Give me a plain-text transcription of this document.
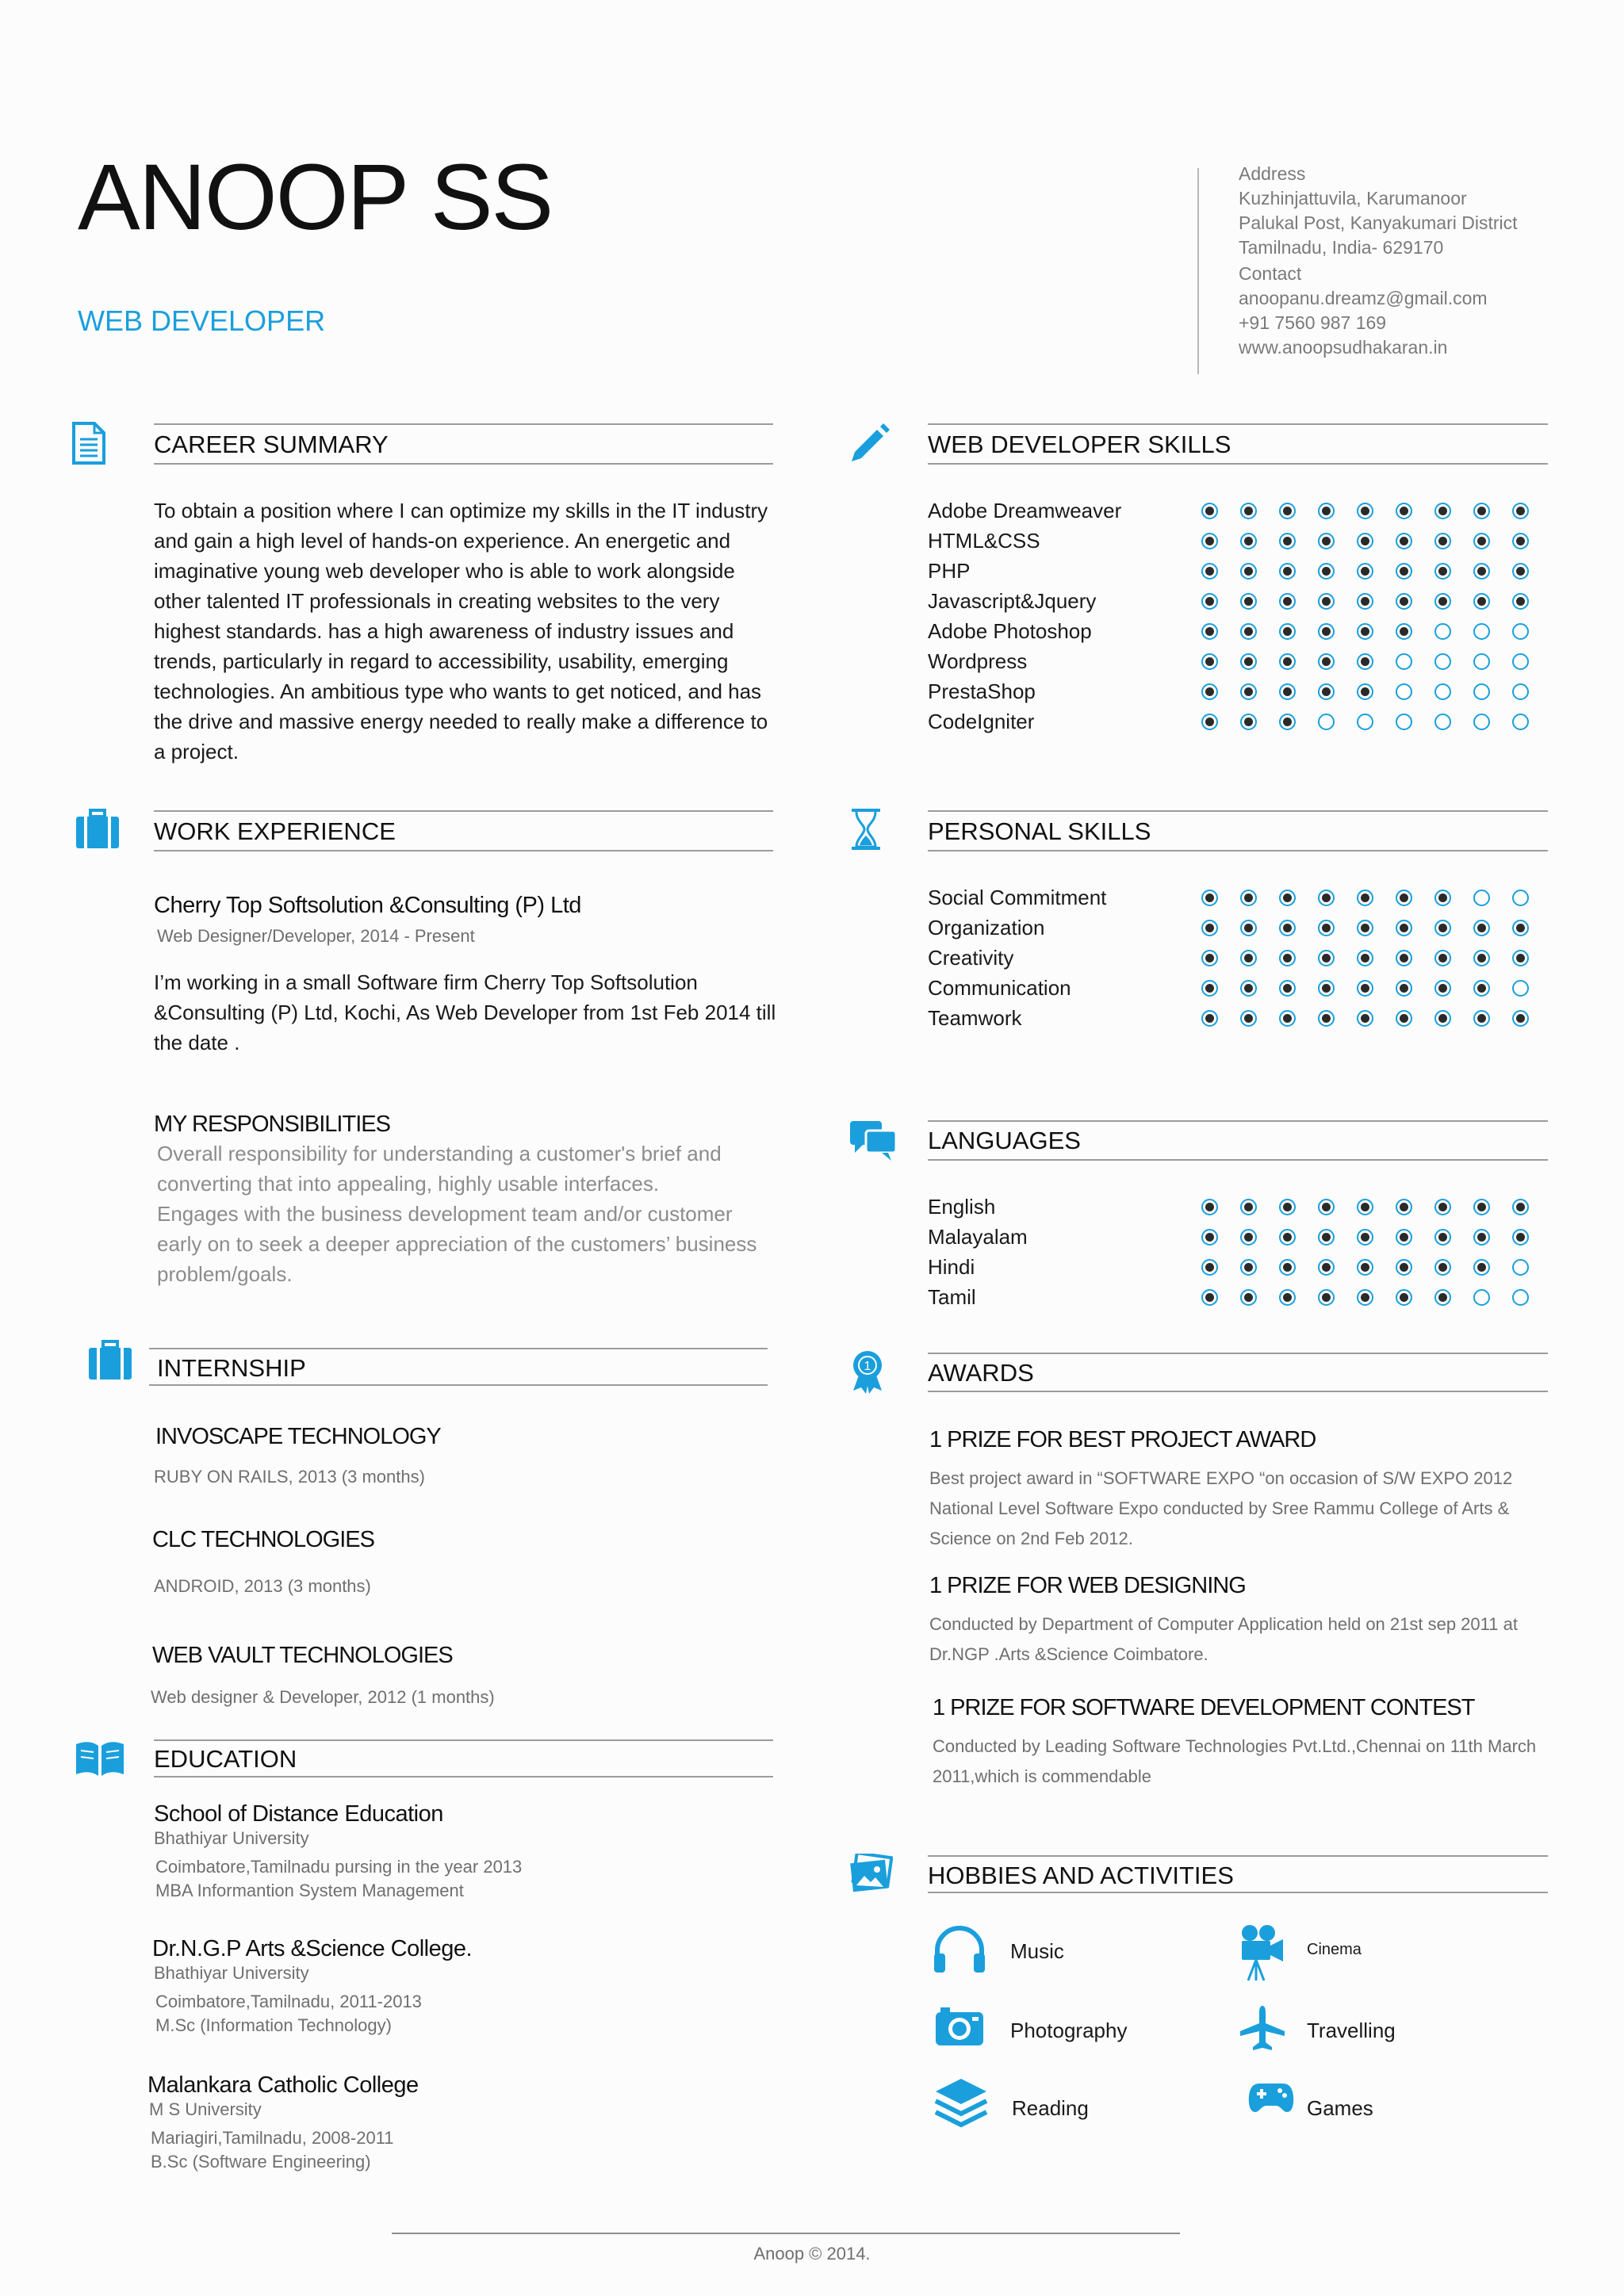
ANOOP SS
WEB DEVELOPER
Address
Kuzhinjattuvila, Karumanoor
Palukal Post, Kanyakumari District
Tamilnadu, India- 629170
Contact
anoopanu.dreamz@gmail.com
+91 7560 987 169
www.anoopsudhakaran.in
CAREER SUMMARY
To obtain a position where I can optimize my skills in the IT industry
and gain a high level of hands-on experience. An energetic and
imaginative young web developer who is able to work alongside
other talented IT professionals in creating websites to the very
highest standards. has a high awareness of industry issues and
trends, particularly in regard to accessibility, usability, emerging
technologies. An ambitious type who wants to get noticed, and has
the drive and massive energy needed to really make a difference to
a project.
WORK EXPERIENCE
Cherry Top Softsolution &Consulting (P) Ltd
Web Designer/Developer, 2014 - Present
I’m working in a small Software firm Cherry Top Softsolution
&Consulting (P) Ltd, Kochi, As Web Developer from 1st Feb 2014 till
the date .
MY RESPONSIBILITIES
Overall responsibility for understanding a customer's brief and
converting that into appealing, highly usable interfaces.
Engages with the business development team and/or customer
early on to seek a deeper appreciation of the customers’ business
problem/goals.
INTERNSHIP
INVOSCAPE TECHNOLOGY
RUBY ON RAILS, 2013 (3 months)
CLC TECHNOLOGIES
ANDROID, 2013 (3 months)
WEB VAULT TECHNOLOGIES
Web designer & Developer, 2012 (1 months)
EDUCATION
School of Distance Education
Bhathiyar University
Coimbatore,Tamilnadu pursing in the year 2013
MBA Informantion System Management
Dr.N.G.P Arts &Science College.
Bhathiyar University
Coimbatore,Tamilnadu, 2011-2013
M.Sc (Information Technology)
Malankara Catholic College
M S University
Mariagiri,Tamilnadu, 2008-2011
B.Sc (Software Engineering)
WEB DEVELOPER SKILLS
Adobe Dreamweaver
HTML&CSS
PHP
Javascript&Jquery
Adobe Photoshop
Wordpress
PrestaShop
CodeIgniter
PERSONAL SKILLS
Social Commitment
Organization
Creativity
Communication
Teamwork
LANGUAGES
English
Malayalam
Hindi
Tamil
1 AWARDS
1 PRIZE FOR BEST PROJECT AWARD
Best project award in “SOFTWARE EXPO “on occasion of S/W EXPO 2012
National Level Software Expo conducted by Sree Rammu College of Arts &
Science on 2nd Feb 2012.
1 PRIZE FOR WEB DESIGNING
Conducted by Department of Computer Application held on 21st sep 2011 at
Dr.NGP .Arts &Science Coimbatore.
1 PRIZE FOR SOFTWARE DEVELOPMENT CONTEST
Conducted by Leading Software Technologies Pvt.Ltd.,Chennai on 11th March
2011,which is commendable
HOBBIES AND ACTIVITIES
Music	Cinema
Photography	Travelling
Reading	Games
Anoop © 2014.
